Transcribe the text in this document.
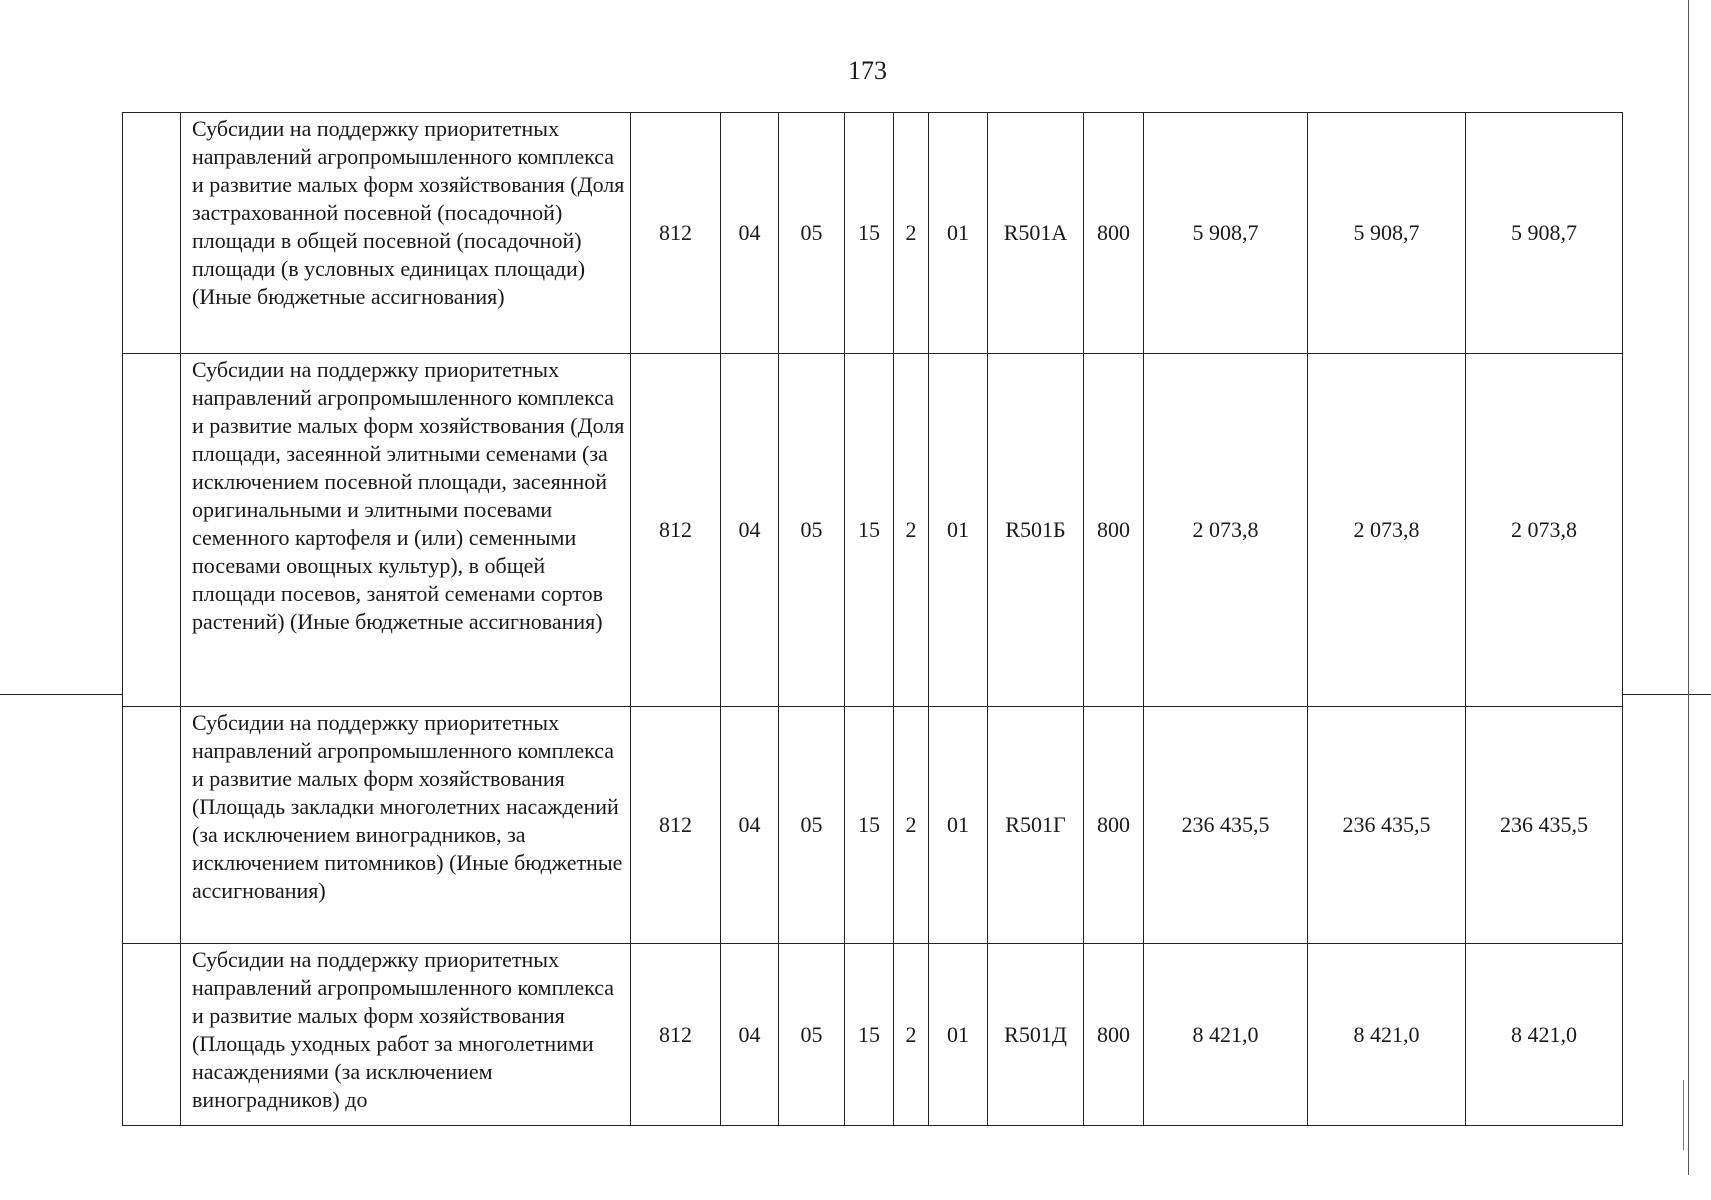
173
	Субсидии на поддержку приоритетных направлений агропромышленного комплекса и развитие малых форм хозяйствования (Доля застрахованной посевной (посадочной) площади в общей посевной (посадочной) площади (в условных единицах площади) (Иные бюджетные ассигнования)	812	04	05	15	2	01	R501А	800	5 908,7	5 908,7	5 908,7
	Субсидии на поддержку приоритетных направлений агропромышленного комплекса и развитие малых форм хозяйствования (Доля площади, засеянной элитными семенами (за исключением посевной площади, засеянной оригинальными и элитными посевами семенного картофеля и (или) семенными посевами овощных культур), в общей площади посевов, занятой семенами сортов растений) (Иные бюджетные ассигнования)	812	04	05	15	2	01	R501Б	800	2 073,8	2 073,8	2 073,8
	Субсидии на поддержку приоритетных направлений агропромышленного комплекса и развитие малых форм хозяйствования (Площадь закладки многолетних насаждений (за исключением виноградников, за исключением питомников) (Иные бюджетные ассигнования)	812	04	05	15	2	01	R501Г	800	236 435,5	236 435,5	236 435,5
	Субсидии на поддержку приоритетных направлений агропромышленного комплекса и развитие малых форм хозяйствования (Площадь уходных работ за многолетними насаждениями (за исключением виноградников) до	812	04	05	15	2	01	R501Д	800	8 421,0	8 421,0	8 421,0
